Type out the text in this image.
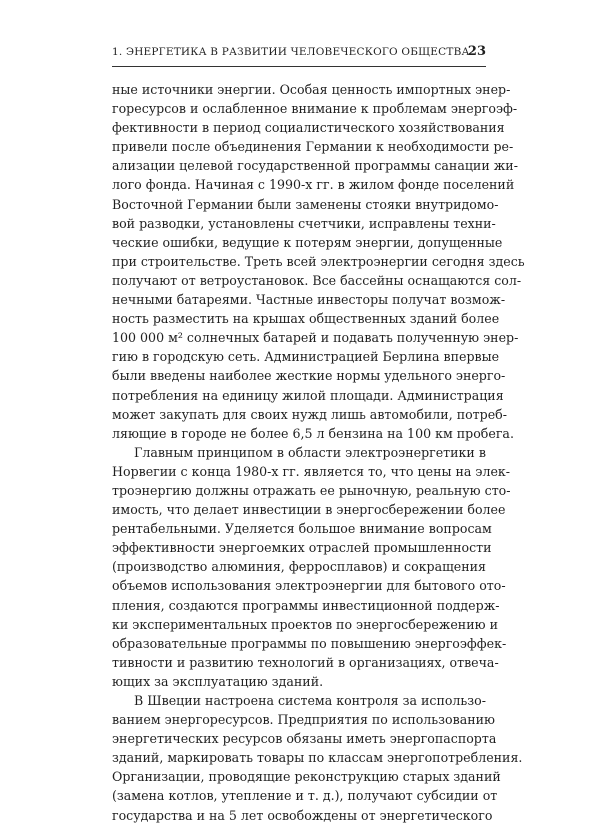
1. ЭНЕРГЕТИКА В РАЗВИТИИ ЧЕЛОВЕЧЕСКОГО ОБЩЕСТВА
23
ные источники энергии. Особая ценность импортных энер-
горесурсов и ослабленное внимание к проблемам энергоэф-
фективности в период социалистического хозяйствования
привели после объединения Германии к необходимости ре-
ализации целевой государственной программы санации жи-
лого фонда. Начиная с 1990-х гг. в жилом фонде поселений
Восточной Германии были заменены стояки внутридомо-
вой разводки, установлены счетчики, исправлены техни-
ческие ошибки, ведущие к потерям энергии, допущенные
при строительстве. Треть всей электроэнергии сегодня здесь
получают от ветроустановок. Все бассейны оснащаются сол-
нечными батареями. Частные инвесторы получат возмож-
ность разместить на крышах общественных зданий более
100 000 м² солнечных батарей и подавать полученную энер-
гию в городскую сеть. Администрацией Берлина впервые
были введены наиболее жесткие нормы удельного энерго-
потребления на единицу жилой площади. Администрация
может закупать для своих нужд лишь автомобили, потреб-
ляющие в городе не более 6,5 л бензина на 100 км пробега.
Главным принципом в области электроэнергетики в
Норвегии с конца 1980-х гг. является то, что цены на элек-
троэнергию должны отражать ее рыночную, реальную сто-
имость, что делает инвестиции в энергосбережении более
рентабельными. Уделяется большое внимание вопросам
эффективности энергоемких отраслей промышленности
(производство алюминия, ферросплавов) и сокращения
объемов использования электроэнергии для бытового ото-
пления, создаются программы инвестиционной поддерж-
ки экспериментальных проектов по энергосбережению и
образовательные программы по повышению энергоэффек-
тивности и развитию технологий в организациях, отвеча-
ющих за эксплуатацию зданий.
В Швеции настроена система контроля за использо-
ванием энергоресурсов. Предприятия по использованию
энергетических ресурсов обязаны иметь энергопаспорта
зданий, маркировать товары по классам энергопотребления.
Организации, проводящие реконструкцию старых зданий
(замена котлов, утепление и т. д.), получают субсидии от
государства и на 5 лет освобождены от энергетического
